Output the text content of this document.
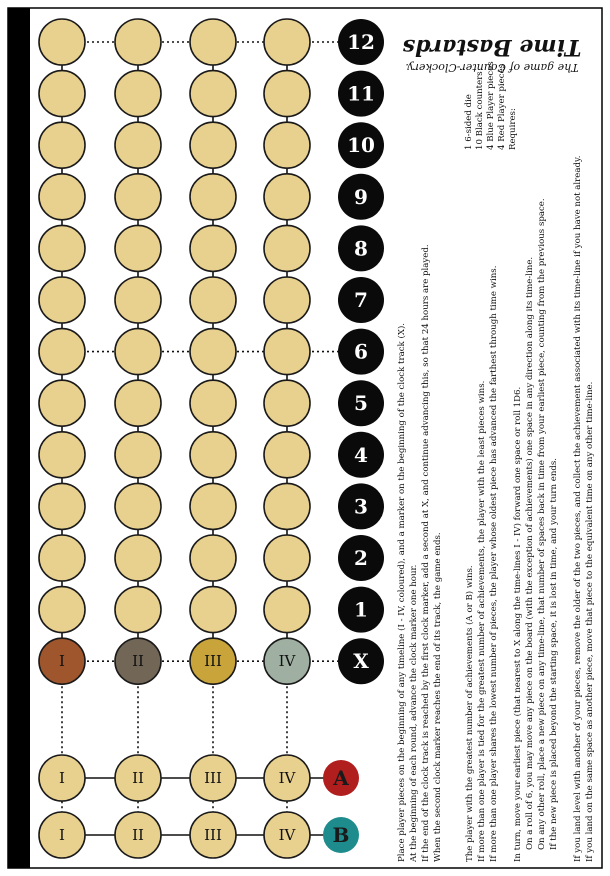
12
11
10
9
8
7
6
5
4
3
2
1
X
I	II	III	IV
I	II	III	IV A
I	II	III	IV B
Time Bastards
The game of Counter-Clockery.
Requires:
4 Red Player pieces
4 Blue Player pieces
10 Black counters
1 6-sided die
Place player pieces on the beginning of any timeline (I - IV, coloured), and a marker on the beginning of the clock track (X). At the beginning of each round, advance the clock marker one hour. If the end of the clock track is reached by the first clock marker, add a second at X, and continue advancing this, so that 24 hours are played. When the second clock marker reaches the end of its track, the game ends.	The player with the greatest number of achievements (A or B) wins. If more than one player is tied for the greatest number of achievements, the player with the least pieces wins. If more than one player shares the lowest number of pieces, the player whose oldest piece has advanced the farthest through time wins. In turn, move your earliest piece (that nearest to X along the time-lines I - IV) forward one space or roll 1D6. On a roll of 6, you may move any piece on the board (with the exception of achievements) one space in any direction along its time-line. On any other roll, place a new piece on any time-line, that number of spaces back in time from your earliest piece, counting from the previous space. If the new piece is placed beyond the starting space, it is lost in time, and your turn ends. If you land level with another of your pieces, remove the older of the two pieces, and collect the achievement associated with its time-line if you have not already. If you land on the same space as another piece, move that piece to the equivalent time on any other time-line.
